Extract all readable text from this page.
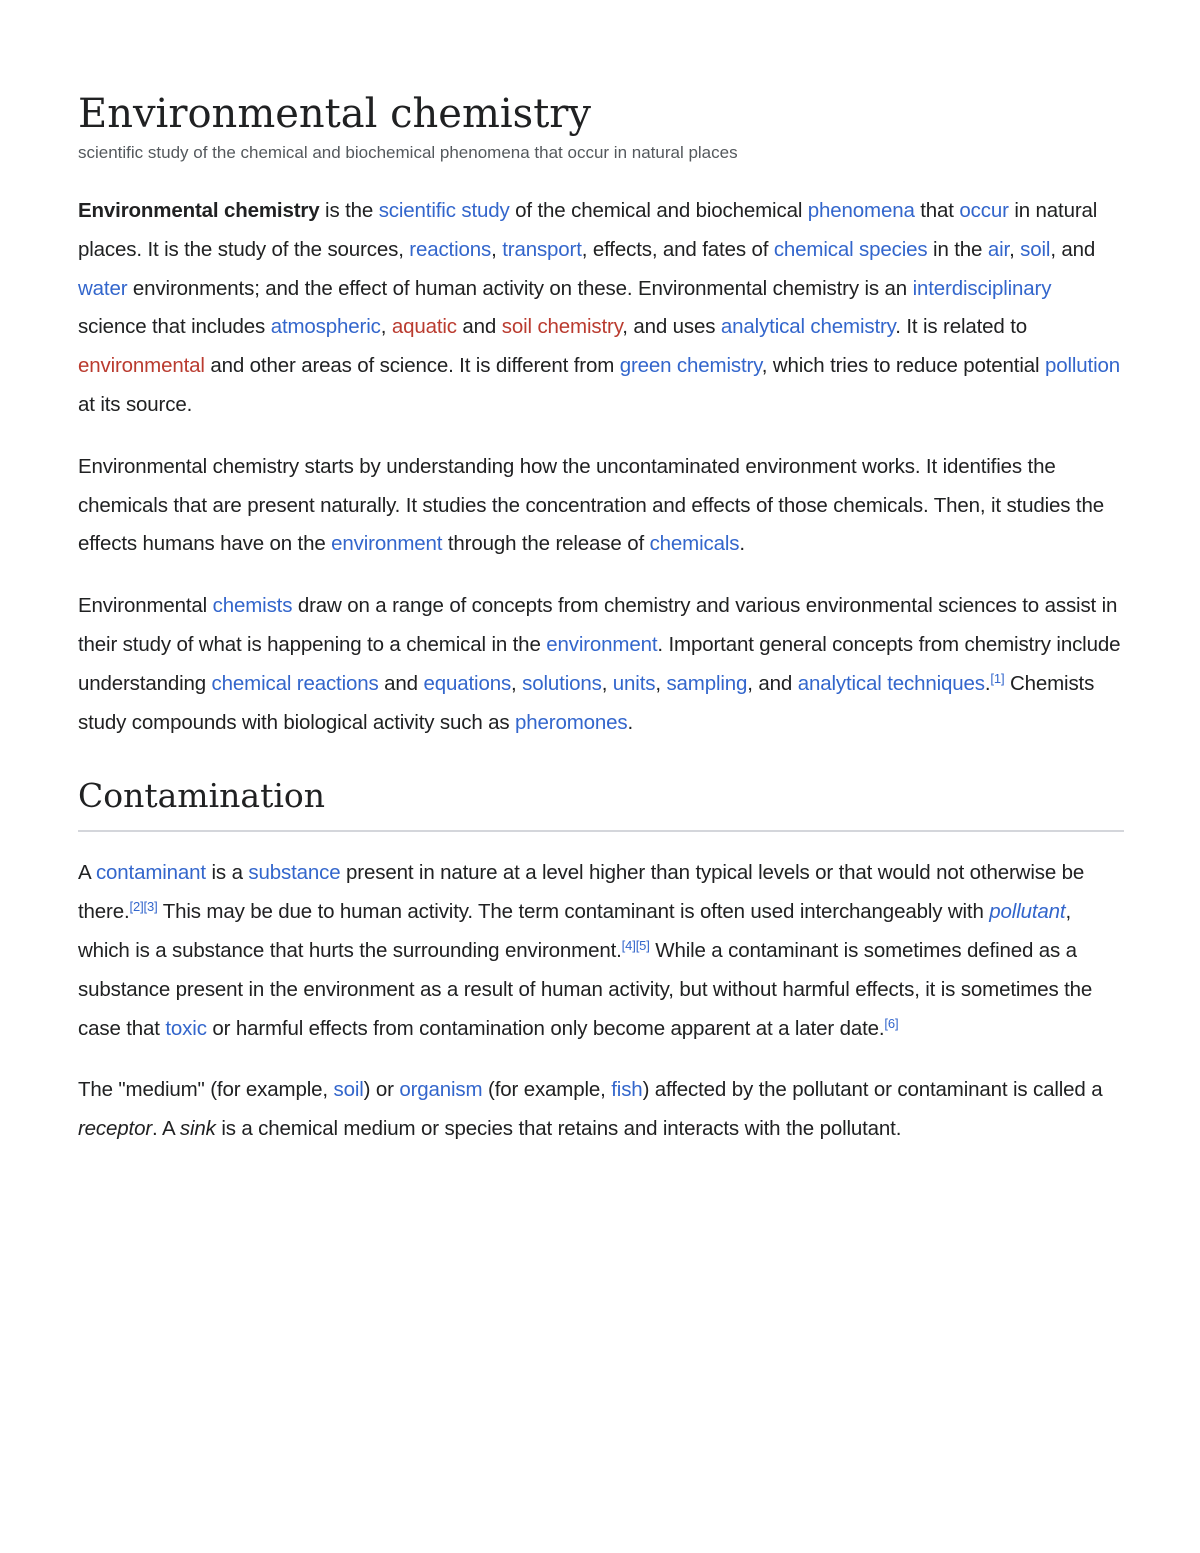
Environmental chemistry
scientific study of the chemical and biochemical phenomena that occur in natural places

Environmental chemistry is the scientific study of the chemical and biochemical phenomena that occur in natural places. It is the study of the sources, reactions, transport, effects, and fates of chemical species in the air, soil, and water environments; and the effect of human activity on these. Environmental chemistry is an interdisciplinary science that includes atmospheric, aquatic and soil chemistry, and uses analytical chemistry. It is related to environmental and other areas of science. It is different from green chemistry, which tries to reduce potential pollution at its source.

Environmental chemistry starts by understanding how the uncontaminated environment works. It identifies the chemicals that are present naturally. It studies the concentration and effects of those chemicals. Then, it studies the effects humans have on the environment through the release of chemicals.

Environmental chemists draw on a range of concepts from chemistry and various environmental sciences to assist in their study of what is happening to a chemical in the environment. Important general concepts from chemistry include understanding chemical reactions and equations, solutions, units, sampling, and analytical techniques.[1] Chemists study compounds with biological activity such as pheromones.

Contamination

A contaminant is a substance present in nature at a level higher than typical levels or that would not otherwise be there.[2][3] This may be due to human activity. The term contaminant is often used interchangeably with pollutant, which is a substance that hurts the surrounding environment.[4][5] While a contaminant is sometimes defined as a substance present in the environment as a result of human activity, but without harmful effects, it is sometimes the case that toxic or harmful effects from contamination only become apparent at a later date.[6]

The "medium" (for example, soil) or organism (for example, fish) affected by the pollutant or contaminant is called a receptor. A sink is a chemical medium or species that retains and interacts with the pollutant.
